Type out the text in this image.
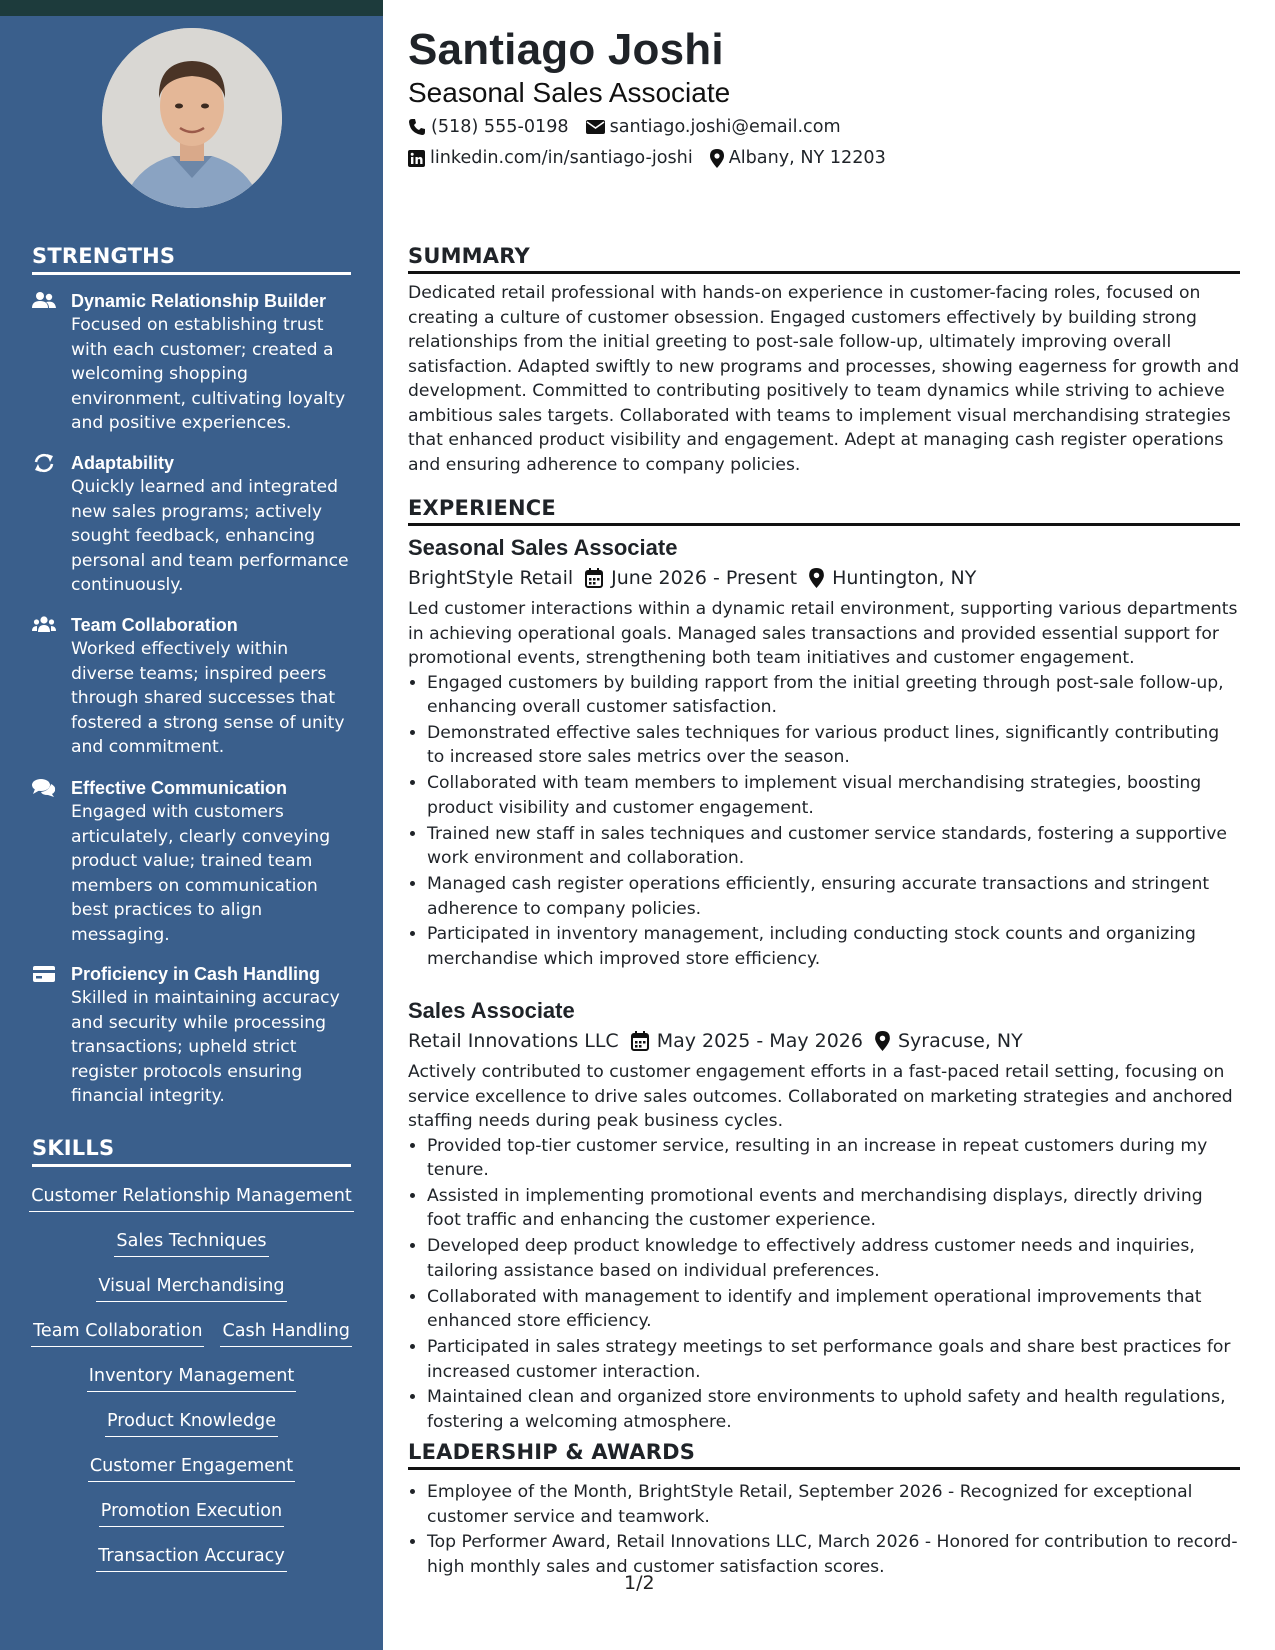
STRENGTHS
Dynamic Relationship Builder
Focused on establishing trust with each customer; created a welcoming shopping environment, cultivating loyalty and positive experiences.
Adaptability
Quickly learned and integrated new sales programs; actively sought feedback, enhancing personal and team performance continuously.
Team Collaboration
Worked effectively within diverse teams; inspired peers through shared successes that fostered a strong sense of unity and commitment.
Effective Communication
Engaged with customers articulately, clearly conveying product value; trained team members on communication best practices to align messaging.
Proficiency in Cash Handling
Skilled in maintaining accuracy and security while processing transactions; upheld strict register protocols ensuring financial integrity.
SKILLS
Customer Relationship Management
Sales Techniques
Visual Merchandising
Team Collaboration Cash Handling
Inventory Management
Product Knowledge
Customer Engagement
Promotion Execution
Transaction Accuracy
Santiago Joshi
Seasonal Sales Associate
(518) 555-0198 santiago.joshi@email.com
linkedin.com/in/santiago-joshi Albany, NY 12203
SUMMARY
Dedicated retail professional with hands-on experience in customer-facing roles, focused on creating a culture of customer obsession. Engaged customers effectively by building strong relationships from the initial greeting to post-sale follow-up, ultimately improving overall satisfaction. Adapted swiftly to new programs and processes, showing eagerness for growth and development. Committed to contributing positively to team dynamics while striving to achieve ambitious sales targets. Collaborated with teams to implement visual merchandising strategies that enhanced product visibility and engagement. Adept at managing cash register operations and ensuring adherence to company policies.
EXPERIENCE
Seasonal Sales Associate
BrightStyle Retail June 2026 - Present Huntington, NY
Led customer interactions within a dynamic retail environment, supporting various departments in achieving operational goals. Managed sales transactions and provided essential support for promotional events, strengthening both team initiatives and customer engagement.
• Engaged customers by building rapport from the initial greeting through post-sale follow-up, enhancing overall customer satisfaction.
• Demonstrated effective sales techniques for various product lines, significantly contributing to increased store sales metrics over the season.
• Collaborated with team members to implement visual merchandising strategies, boosting product visibility and customer engagement.
• Trained new staff in sales techniques and customer service standards, fostering a supportive work environment and collaboration.
• Managed cash register operations efficiently, ensuring accurate transactions and stringent adherence to company policies.
• Participated in inventory management, including conducting stock counts and organizing merchandise which improved store efficiency.
Sales Associate
Retail Innovations LLC May 2025 - May 2026 Syracuse, NY
Actively contributed to customer engagement efforts in a fast-paced retail setting, focusing on service excellence to drive sales outcomes. Collaborated on marketing strategies and anchored staffing needs during peak business cycles.
• Provided top-tier customer service, resulting in an increase in repeat customers during my tenure.
• Assisted in implementing promotional events and merchandising displays, directly driving foot traffic and enhancing the customer experience.
• Developed deep product knowledge to effectively address customer needs and inquiries, tailoring assistance based on individual preferences.
• Collaborated with management to identify and implement operational improvements that enhanced store efficiency.
• Participated in sales strategy meetings to set performance goals and share best practices for increased customer interaction.
• Maintained clean and organized store environments to uphold safety and health regulations, fostering a welcoming atmosphere.
LEADERSHIP & AWARDS
• Employee of the Month, BrightStyle Retail, September 2026 - Recognized for exceptional customer service and teamwork.
• Top Performer Award, Retail Innovations LLC, March 2026 - Honored for contribution to record-high monthly sales and customer satisfaction scores.
1/2
